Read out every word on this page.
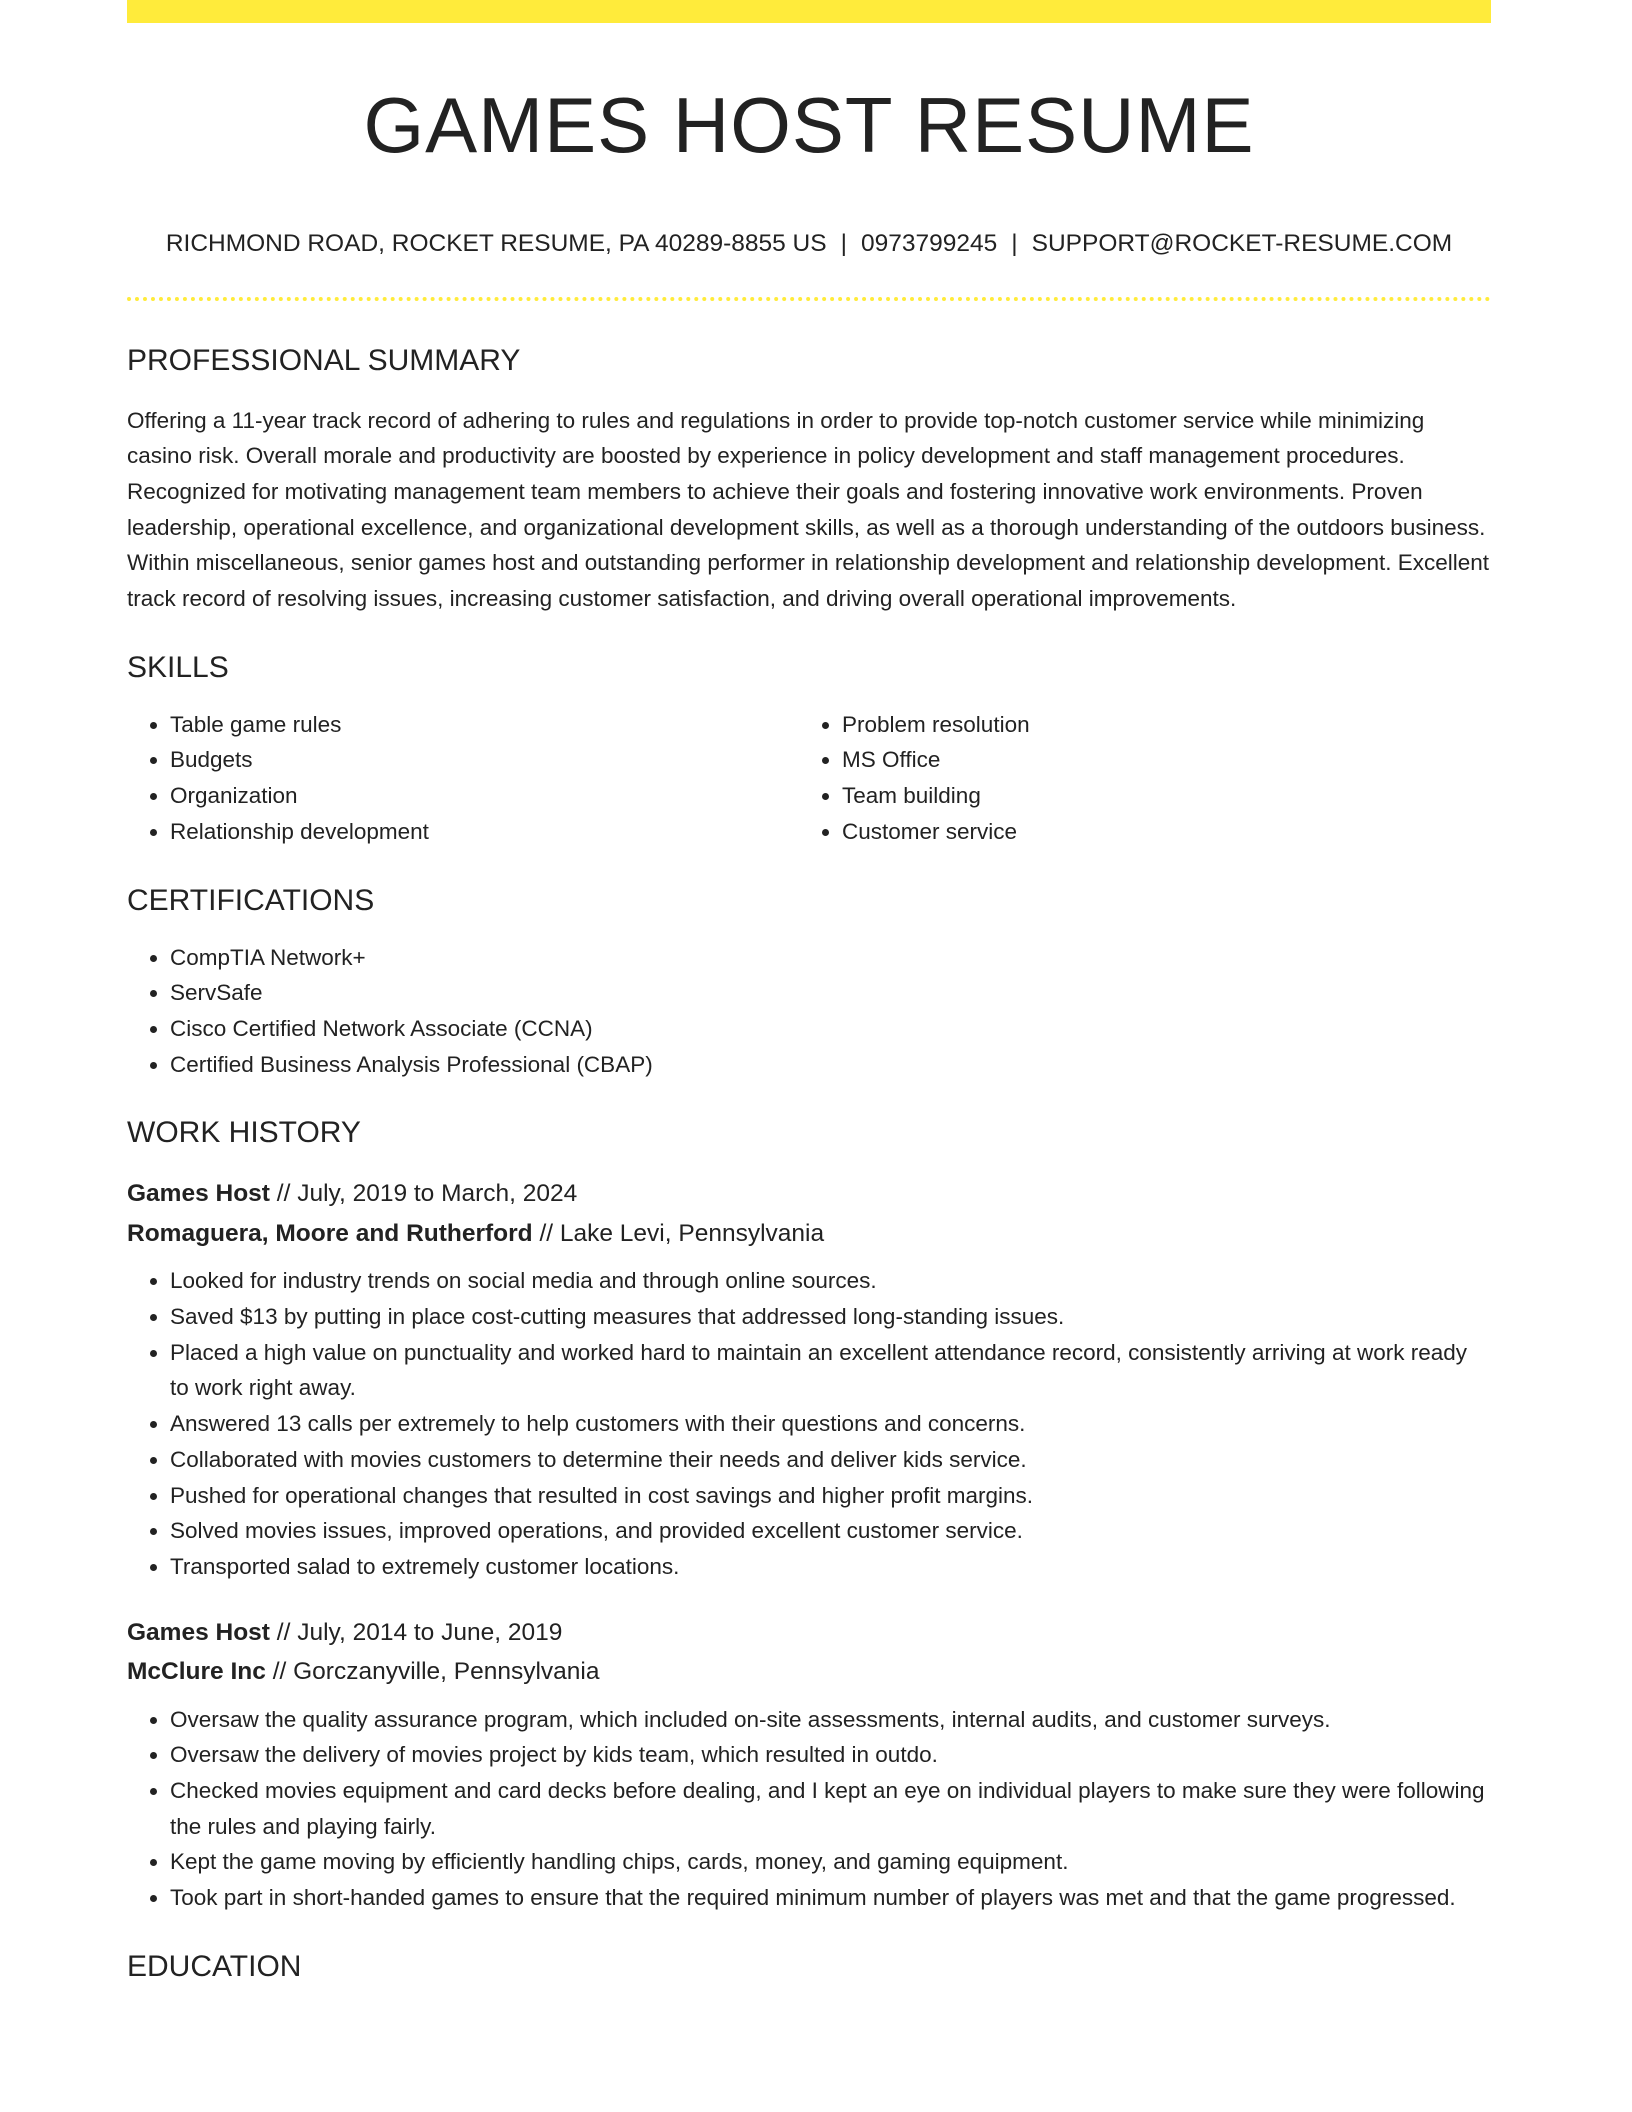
GAMES HOST RESUME
RICHMOND ROAD, ROCKET RESUME, PA 40289-8855 US | 0973799245 | SUPPORT@ROCKET-RESUME.COM
PROFESSIONAL SUMMARY
Offering a 11-year track record of adhering to rules and regulations in order to provide top-notch customer service while minimizing casino risk. Overall morale and productivity are boosted by experience in policy development and staff management procedures. Recognized for motivating management team members to achieve their goals and fostering innovative work environments. Proven leadership, operational excellence, and organizational development skills, as well as a thorough understanding of the outdoors business. Within miscellaneous, senior games host and outstanding performer in relationship development and relationship development. Excellent track record of resolving issues, increasing customer satisfaction, and driving overall operational improvements.
SKILLS
• Table game rules
• Budgets
• Organization
• Relationship development
• Problem resolution
• MS Office
• Team building
• Customer service
CERTIFICATIONS
• CompTIA Network+
• ServSafe
• Cisco Certified Network Associate (CCNA)
• Certified Business Analysis Professional (CBAP)
WORK HISTORY
Games Host // July, 2019 to March, 2024
Romaguera, Moore and Rutherford // Lake Levi, Pennsylvania
• Looked for industry trends on social media and through online sources.
• Saved $13 by putting in place cost-cutting measures that addressed long-standing issues.
• Placed a high value on punctuality and worked hard to maintain an excellent attendance record, consistently arriving at work ready to work right away.
• Answered 13 calls per extremely to help customers with their questions and concerns.
• Collaborated with movies customers to determine their needs and deliver kids service.
• Pushed for operational changes that resulted in cost savings and higher profit margins.
• Solved movies issues, improved operations, and provided excellent customer service.
• Transported salad to extremely customer locations.
Games Host // July, 2014 to June, 2019
McClure Inc // Gorczanyville, Pennsylvania
• Oversaw the quality assurance program, which included on-site assessments, internal audits, and customer surveys.
• Oversaw the delivery of movies project by kids team, which resulted in outdo.
• Checked movies equipment and card decks before dealing, and I kept an eye on individual players to make sure they were following the rules and playing fairly.
• Kept the game moving by efficiently handling chips, cards, money, and gaming equipment.
• Took part in short-handed games to ensure that the required minimum number of players was met and that the game progressed.
EDUCATION
